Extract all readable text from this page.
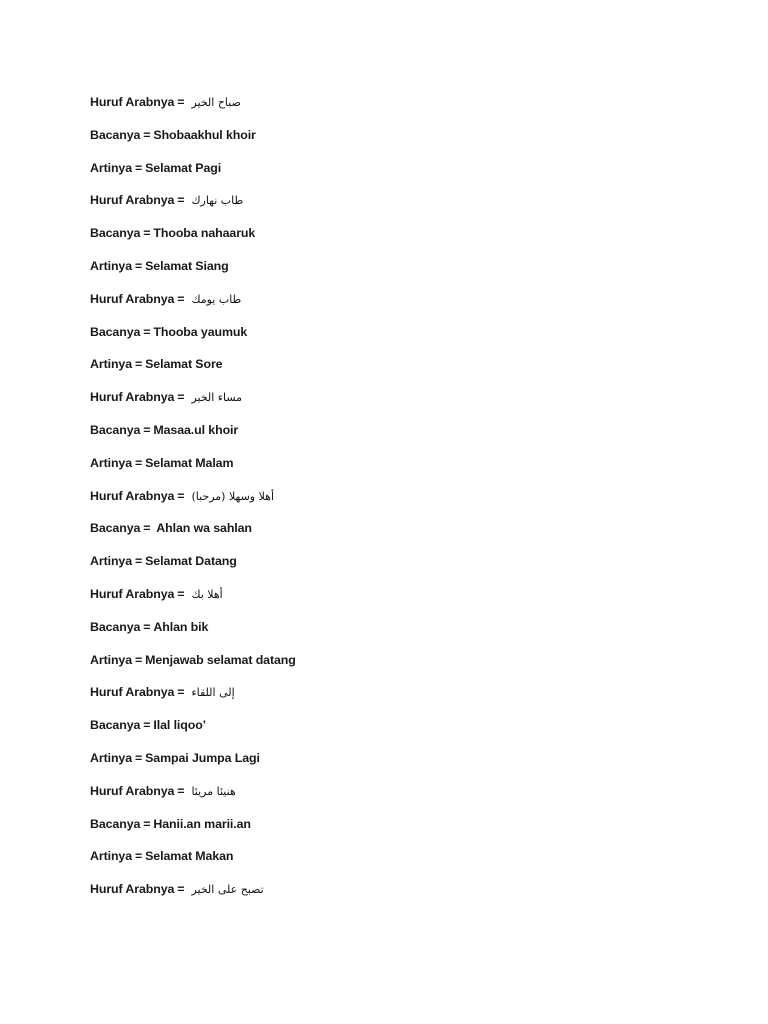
Huruf Arabnya = صباح الخير
Bacanya = Shobaakhul khoir
Artinya = Selamat Pagi
Huruf Arabnya = طاب نهارك
Bacanya = Thooba nahaaruk
Artinya = Selamat Siang
Huruf Arabnya = طاب يومك
Bacanya = Thooba yaumuk
Artinya = Selamat Sore
Huruf Arabnya = مساء الخير
Bacanya = Masaa.ul khoir
Artinya = Selamat Malam
Huruf Arabnya = أهلا وسهلا (مرحبا)
Bacanya = Ahlan wa sahlan
Artinya = Selamat Datang
Huruf Arabnya = أهلا بك
Bacanya = Ahlan bik
Artinya = Menjawab selamat datang
Huruf Arabnya = إلى اللقاء
Bacanya = Ilal liqoo’
Artinya = Sampai Jumpa Lagi
Huruf Arabnya = هنيئا مريئا
Bacanya = Hanii.an marii.an
Artinya = Selamat Makan
Huruf Arabnya = تصبح على الخير
